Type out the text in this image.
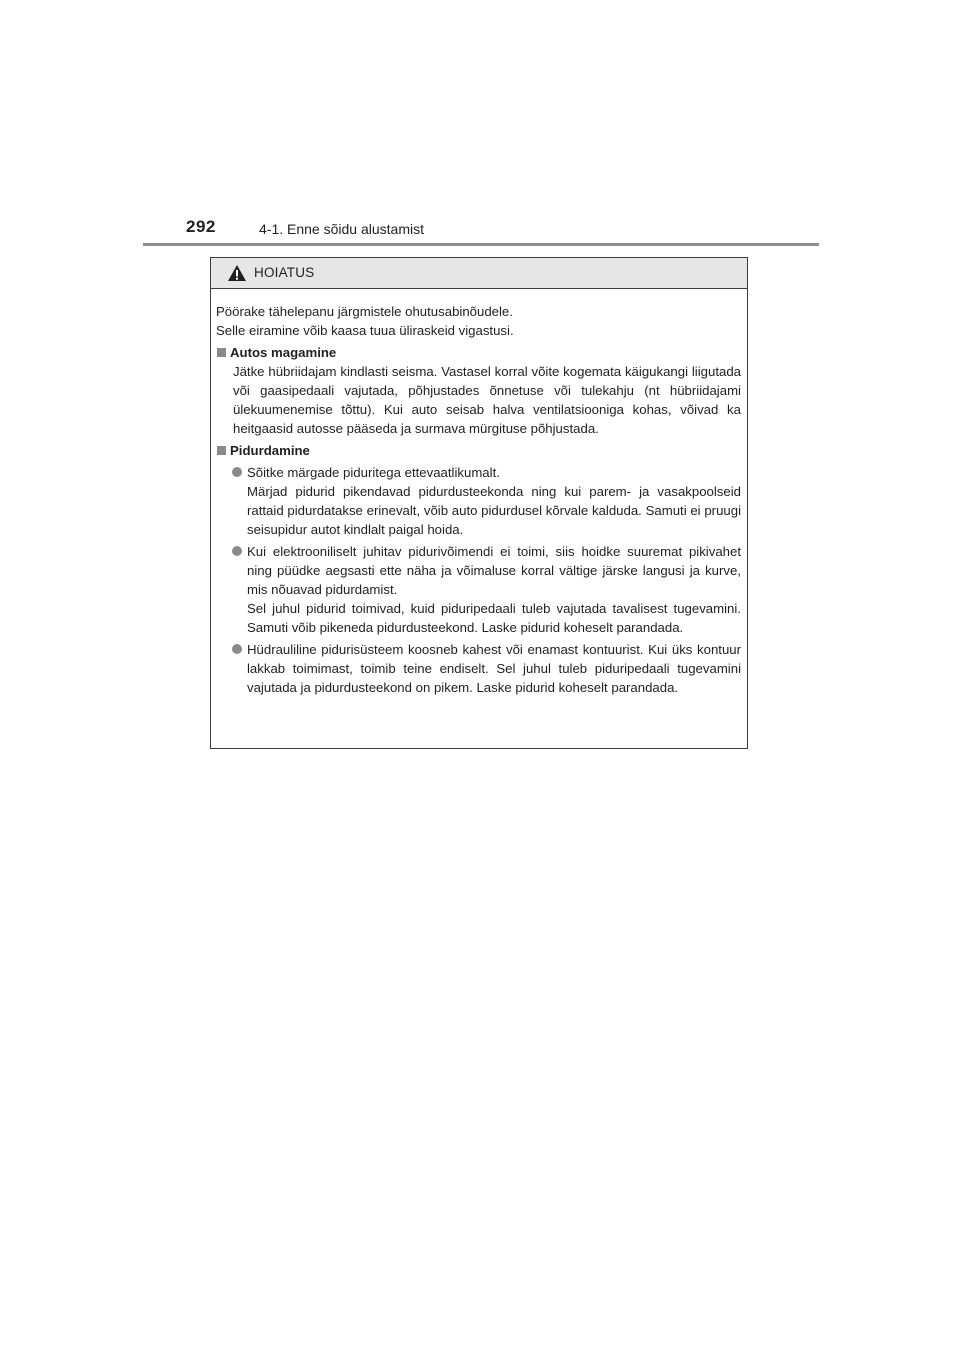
292	4-1. Enne sõidu alustamist
HOIATUS

Pöörake tähelepanu järgmistele ohutusabinõudele.

Selle eiramine võib kaasa tuua üliraskeid vigastusi.

Autos magamine

Jätke hübriidajam kindlasti seisma. Vastasel korral võite kogemata käigukangi liigutada või gaasipedaali vajutada, põhjustades õnnetuse või tulekahju (nt hübriidajami ülekuumenemise tõttu). Kui auto seisab halva ventilatsiooniga kohas, võivad ka heitgaasid autosse pääseda ja surmava mürgituse põhjustada.

Pidurdamine

Sõitke märgade piduritega ettevaatlikumalt.

Märjad pidurid pikendavad pidurdusteekonda ning kui parem- ja vasakpoolseid rattaid pidurdatakse erinevalt, võib auto pidurdusel kõrvale kalduda. Samuti ei pruugi seisupidur autot kindlalt paigal hoida.

Kui elektrooniliselt juhitav pidurivõimendi ei toimi, siis hoidke suuremat pikivahet ning püüdke aegsasti ette näha ja võimaluse korral vältige järske langusi ja kurve, mis nõuavad pidurdamist.

Sel juhul pidurid toimivad, kuid piduripedaali tuleb vajutada tavalisest tugevamini. Samuti võib pikeneda pidurdusteekond. Laske pidurid koheselt parandada.

Hüdrauliline pidurisüsteem koosneb kahest või enamast kontuurist. Kui üks kontuur lakkab toimimast, toimib teine endiselt. Sel juhul tuleb piduripedaali tugevamini vajutada ja pidurdusteekond on pikem. Laske pidurid koheselt parandada.
